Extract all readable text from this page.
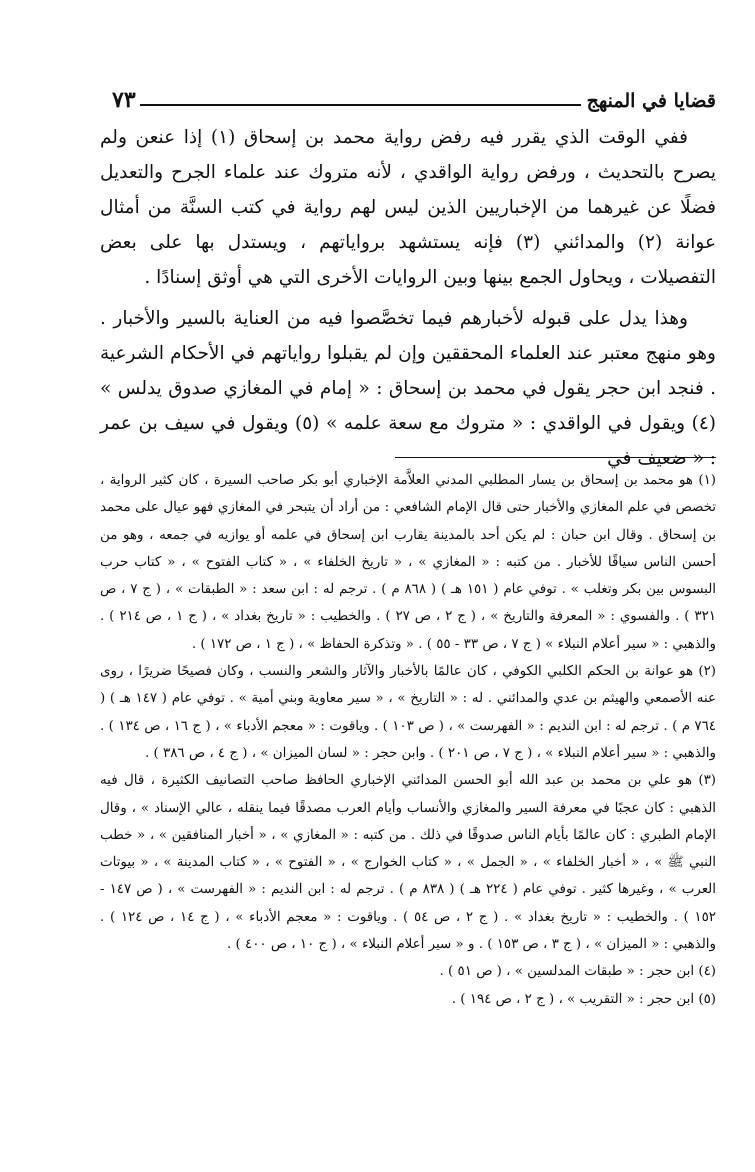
قضايا في المنهج
٧٣

ففي الوقت الذي يقرر فيه رفض رواية محمد بن إسحاق (١) إذا عنعن ولم يصرح بالتحديث ، ورفض رواية الواقدي ، لأنه متروك عند علماء الجرح والتعديل فضلًا عن غيرهما من الإخباريين الذين ليس لهم رواية في كتب السنَّة من أمثال عوانة (٢) والمدائني (٣) فإنه يستشهد برواياتهم ، ويستدل بها على بعض التفصيلات ، ويحاول الجمع بينها وبين الروايات الأخرى التي هي أوثق إسنادًا .

وهذا يدل على قبوله لأخبارهم فيما تخصَّصوا فيه من العناية بالسير والأخبار . وهو منهج معتبر عند العلماء المحققين وإن لم يقبلوا رواياتهم في الأحكام الشرعية . فنجد ابن حجر يقول في محمد بن إسحاق : « إمام في المغازي صدوق يدلس » (٤) ويقول في الواقدي : « متروك مع سعة علمه » (٥) ويقول في سيف بن عمر : « ضعيف في

(١) هو محمد بن إسحاق بن يسار المطلبي المدني العلاَّمة الإخباري أبو بكر صاحب السيرة ، كان كثير الرواية ، تخصص في علم المغازي والأخبار حتى قال الإمام الشافعي : من أراد أن يتبحر في المغازي فهو عيال على محمد بن إسحاق . وقال ابن حبان : لم يكن أحد بالمدينة يقارب ابن إسحاق في علمه أو يوازيه في جمعه ، وهو من أحسن الناس سياقًا للأخبار . من كتبه : « المغازي » ، « تاريخ الخلفاء » ، « كتاب الفتوح » ، « كتاب حرب البسوس بين بكر وتغلب » . توفي عام ( ١٥١ هـ ) ( ٨٦٨ م ) . ترجم له : ابن سعد : « الطبقات » ، ( ج ٧ ، ص ٣٢١ ) . والفسوي : « المعرفة والتاريخ » ، ( ج ٢ ، ص ٢٧ ) . والخطيب : « تاريخ بغداد » ، ( ج ١ ، ص ٢١٤ ) . والذهبي : « سير أعلام النبلاء » ( ج ٧ ، ص ٣٣ - ٥٥ ) . « وتذكرة الحفاظ » ، ( ج ١ ، ص ١٧٢ ) .

(٢) هو عوانة بن الحكم الكلبي الكوفي ، كان عالمًا بالأخبار والآثار والشعر والنسب ، وكان فصيحًا ضريرًا ، روى عنه الأصمعي والهيثم بن عدي والمدائني . له : « التاريخ » ، « سير معاوية وبني أمية » . توفي عام ( ١٤٧ هـ ) ( ٧٦٤ م ) . ترجم له : ابن النديم : « الفهرست » ، ( ص ١٠٣ ) . وياقوت : « معجم الأدباء » ، ( ج ١٦ ، ص ١٣٤ ) . والذهبي : « سير أعلام النبلاء » ، ( ج ٧ ، ص ٢٠١ ) . وابن حجر : « لسان الميزان » ، ( ج ٤ ، ص ٣٨٦ ) .

(٣) هو علي بن محمد بن عبد الله أبو الحسن المدائني الإخباري الحافظ صاحب التصانيف الكثيرة ، قال فيه الذهبي : كان عجبًا في معرفة السير والمغازي والأنساب وأيام العرب مصدقًا فيما ينقله ، عالي الإسناد » ، وقال الإمام الطبري : كان عالمًا بأيام الناس صدوقًا في ذلك . من كتبه : « المغازي » ، « أخبار المنافقين » ، « خطب النبي ﷺ » ، « أخبار الخلفاء » ، « الجمل » ، « كتاب الخوارج » ، « الفتوح » ، « كتاب المدينة » ، « بيوتات العرب » ، وغيرها كثير . توفي عام ( ٢٢٤ هـ ) ( ٨٣٨ م ) . ترجم له : ابن النديم : « الفهرست » ، ( ص ١٤٧ - ١٥٢ ) . والخطيب : « تاريخ بغداد » . ( ج ٢ ، ص ٥٤ ) . وياقوت : « معجم الأدباء » ، ( ج ١٤ ، ص ١٢٤ ) . والذهبي : « الميزان » ، ( ج ٣ ، ص ١٥٣ ) . و « سير أعلام النبلاء » ، ( ج ١٠ ، ص ٤٠٠ ) .

(٤) ابن حجر : « طبقات المدلسين » ، ( ص ٥١ ) .

(٥) ابن حجر : « التقريب » ، ( ج ٢ ، ص ١٩٤ ) .
